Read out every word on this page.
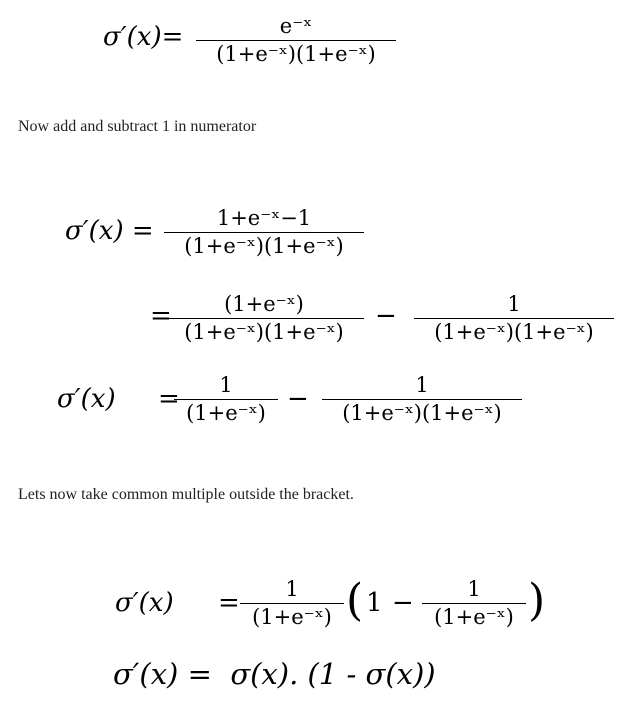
σ′(x)=	e⁻ˣ
(1+e⁻ˣ)(1+e⁻ˣ)
Now add and subtract 1 in numerator
σ′(x) =	1+e⁻ˣ−1
(1+e⁻ˣ)(1+e⁻ˣ)
=	(1+e⁻ˣ)
(1+e⁻ˣ)(1+e⁻ˣ)
−	1
(1+e⁻ˣ)(1+e⁻ˣ)
σ′(x) =	1
(1+e⁻ˣ) −	1
(1+e⁻ˣ)(1+e⁻ˣ)
Lets now take common multiple outside the bracket.
σ′(x) =	1
(1+e⁻ˣ) ( 1 −	1
(1+e⁻ˣ) )
σ′(x) =  σ(x). (1 - σ(x))
